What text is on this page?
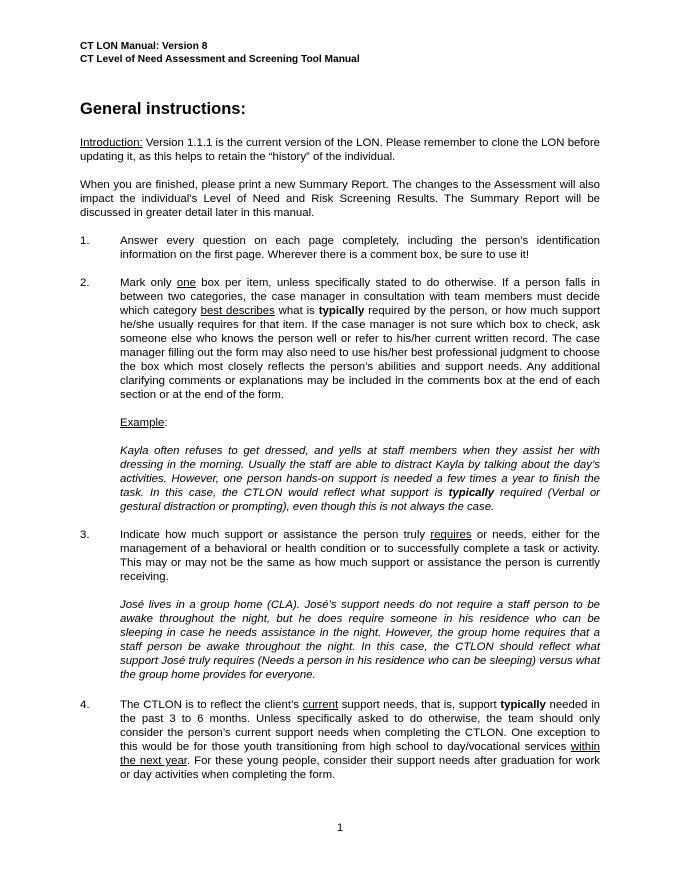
CT LON Manual: Version 8
CT Level of Need Assessment and Screening Tool Manual
General instructions:

Introduction: Version 1.1.1 is the current version of the LON. Please remember to clone the LON before updating it, as this helps to retain the “history” of the individual.

When you are finished, please print a new Summary Report. The changes to the Assessment will also impact the individual’s Level of Need and Risk Screening Results. The Summary Report will be discussed in greater detail later in this manual.

1.	Answer every question on each page completely, including the person’s identification information on the first page. Wherever there is a comment box, be sure to use it!

2.	Mark only one box per item, unless specifically stated to do otherwise. If a person falls in between two categories, the case manager in consultation with team members must decide which category best describes what is typically required by the person, or how much support he/she usually requires for that item. If the case manager is not sure which box to check, ask someone else who knows the person well or refer to his/her current written record. The case manager filling out the form may also need to use his/her best professional judgment to choose the box which most closely reflects the person’s abilities and support needs. Any additional clarifying comments or explanations may be included in the comments box at the end of each section or at the end of the form.

Example:

Kayla often refuses to get dressed, and yells at staff members when they assist her with dressing in the morning. Usually the staff are able to distract Kayla by talking about the day’s activities. However, one person hands-on support is needed a few times a year to finish the task. In this case, the CTLON would reflect what support is typically required (Verbal or gestural distraction or prompting), even though this is not always the case.

3.	Indicate how much support or assistance the person truly requires or needs, either for the management of a behavioral or health condition or to successfully complete a task or activity. This may or may not be the same as how much support or assistance the person is currently receiving.

José lives in a group home (CLA). José’s support needs do not require a staff person to be awake throughout the night, but he does require someone in his residence who can be sleeping in case he needs assistance in the night. However, the group home requires that a staff person be awake throughout the night. In this case, the CTLON should reflect what support José truly requires (Needs a person in his residence who can be sleeping) versus what the group home provides for everyone.

4.	The CTLON is to reflect the client’s current support needs, that is, support typically needed in the past 3 to 6 months. Unless specifically asked to do otherwise, the team should only consider the person’s current support needs when completing the CTLON. One exception to this would be for those youth transitioning from high school to day/vocational services within the next year. For these young people, consider their support needs after graduation for work or day activities when completing the form.

1
